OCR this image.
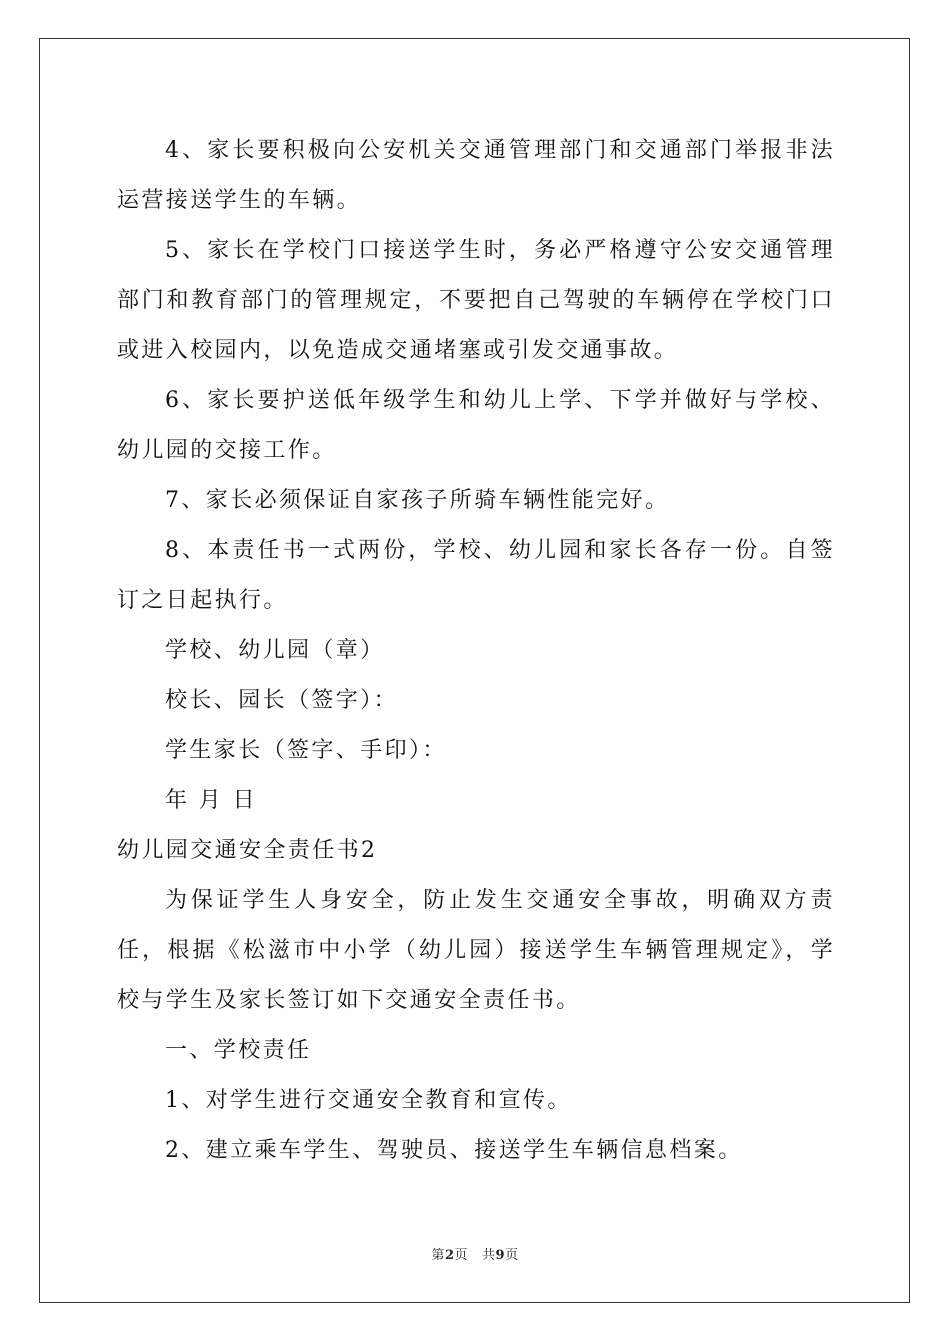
4、家长要积极向公安机关交通管理部门和交通部门举报非法运营接送学生的车辆。

5、家长在学校门口接送学生时，务必严格遵守公安交通管理部门和教育部门的管理规定，不要把自己驾驶的车辆停在学校门口或进入校园内，以免造成交通堵塞或引发交通事故。

6、家长要护送低年级学生和幼儿上学、下学并做好与学校、幼儿园的交接工作。

7、家长必须保证自家孩子所骑车辆性能完好。

8、本责任书一式两份，学校、幼儿园和家长各存一份。自签订之日起执行。

学校、幼儿园（章）

校长、园长（签字）：

学生家长（签字、手印）：

年 月 日

幼儿园交通安全责任书2

为保证学生人身安全，防止发生交通安全事故，明确双方责任，根据《松滋市中小学（幼儿园）接送学生车辆管理规定》，学校与学生及家长签订如下交通安全责任书。

一、学校责任

1、对学生进行交通安全教育和宣传。

2、建立乘车学生、驾驶员、接送学生车辆信息档案。

第2页 共9页
